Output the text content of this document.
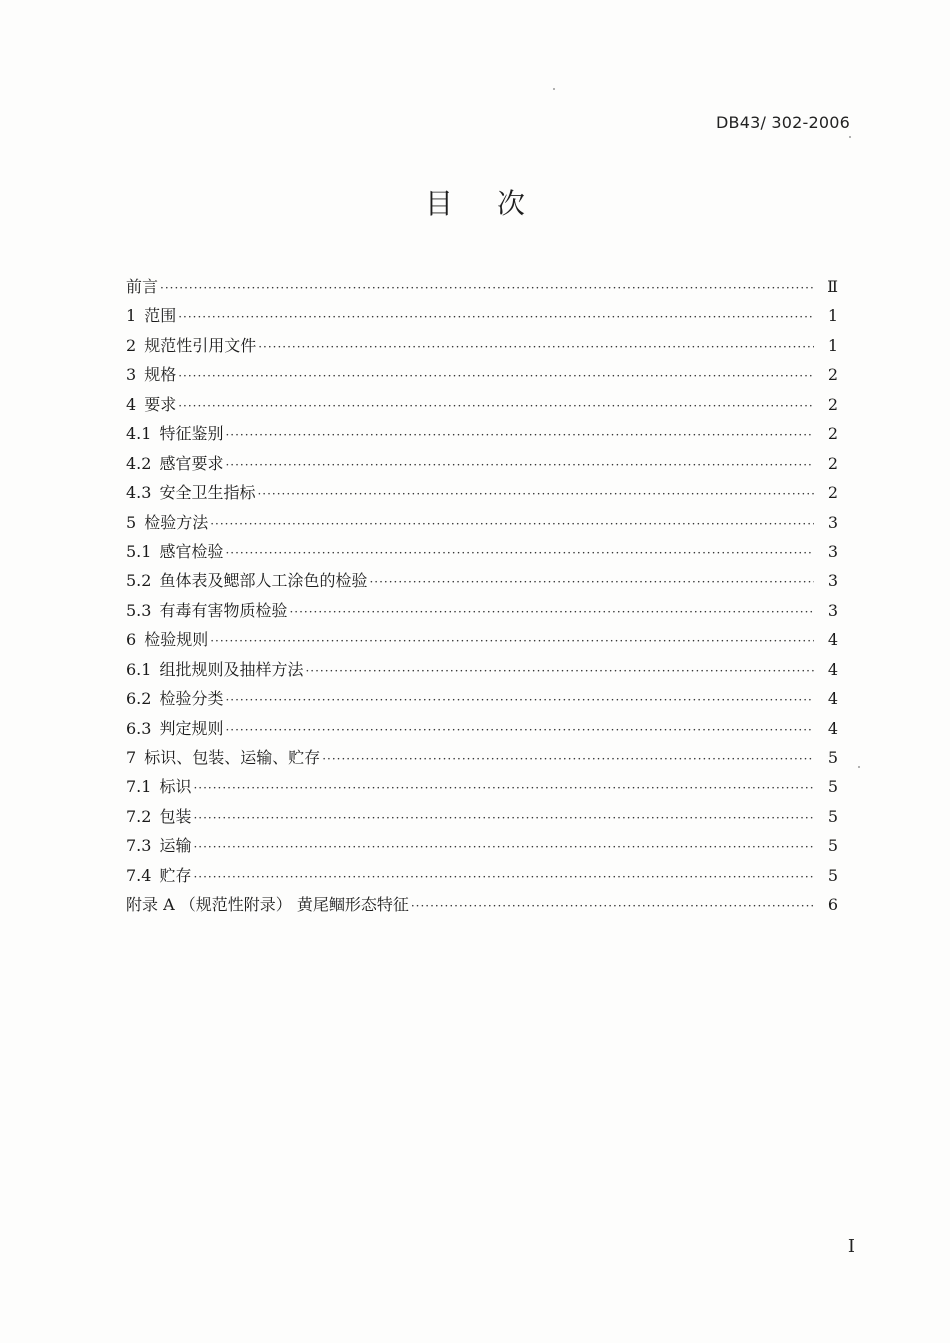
DB43/ 302-2006
目次
前言 ·····	Ⅱ
1 范围 ·····	1
2 规范性引用文件 ·····	1
3 规格 ·····	2
4 要求 ·····	2
4.1 特征鉴别 ·····	2
4.2 感官要求 ·····	2
4.3 安全卫生指标 ·····	2
5 检验方法 ·····	3
5.1 感官检验 ·····	3
5.2 鱼体表及鳃部人工涂色的检验 ·····	3
5.3 有毒有害物质检验 ·····	3
6 检验规则 ·····	4
6.1 组批规则及抽样方法 ·····	4
6.2 检验分类 ·····	4
6.3 判定规则 ·····	4
7 标识、包装、运输、贮存 ·····	5
7.1 标识 ·····	5
7.2 包装 ·····	5
7.3 运输 ·····	5
7.4 贮存 ·····	5
附录 A （规范性附录） 黄尾鲴形态特征 ·····	6
I
